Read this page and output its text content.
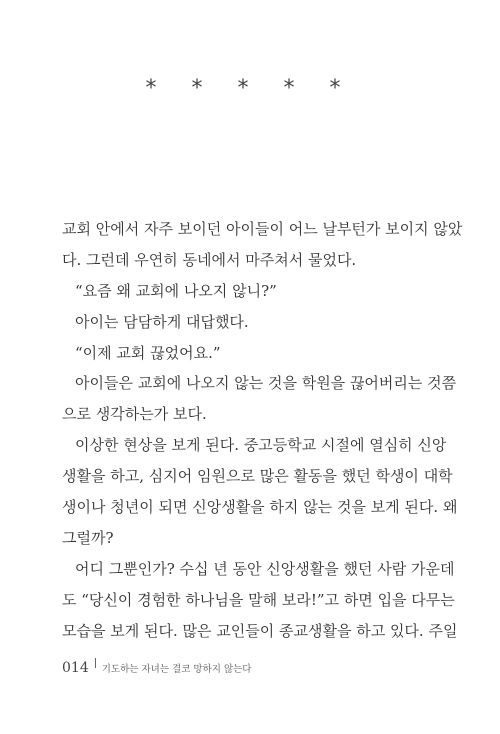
* * * * *
교회 안에서 자주 보이던 아이들이 어느 날부턴가 보이지 않았
다. 그런데 우연히 동네에서 마주쳐서 물었다.
“요즘 왜 교회에 나오지 않니?”
아이는 담담하게 대답했다.
“이제 교회 끊었어요.”
아이들은 교회에 나오지 않는 것을 학원을 끊어버리는 것쯤
으로 생각하는가 보다.
이상한 현상을 보게 된다. 중고등학교 시절에 열심히 신앙
생활을 하고, 심지어 임원으로 많은 활동을 했던 학생이 대학
생이나 청년이 되면 신앙생활을 하지 않는 것을 보게 된다. 왜
그럴까?
어디 그뿐인가? 수십 년 동안 신앙생활을 했던 사람 가운데
도 “당신이 경험한 하나님을 말해 보라!”고 하면 입을 다무는
모습을 보게 된다. 많은 교인들이 종교생활을 하고 있다. 주일
014 기도하는 자녀는 결코 망하지 않는다
